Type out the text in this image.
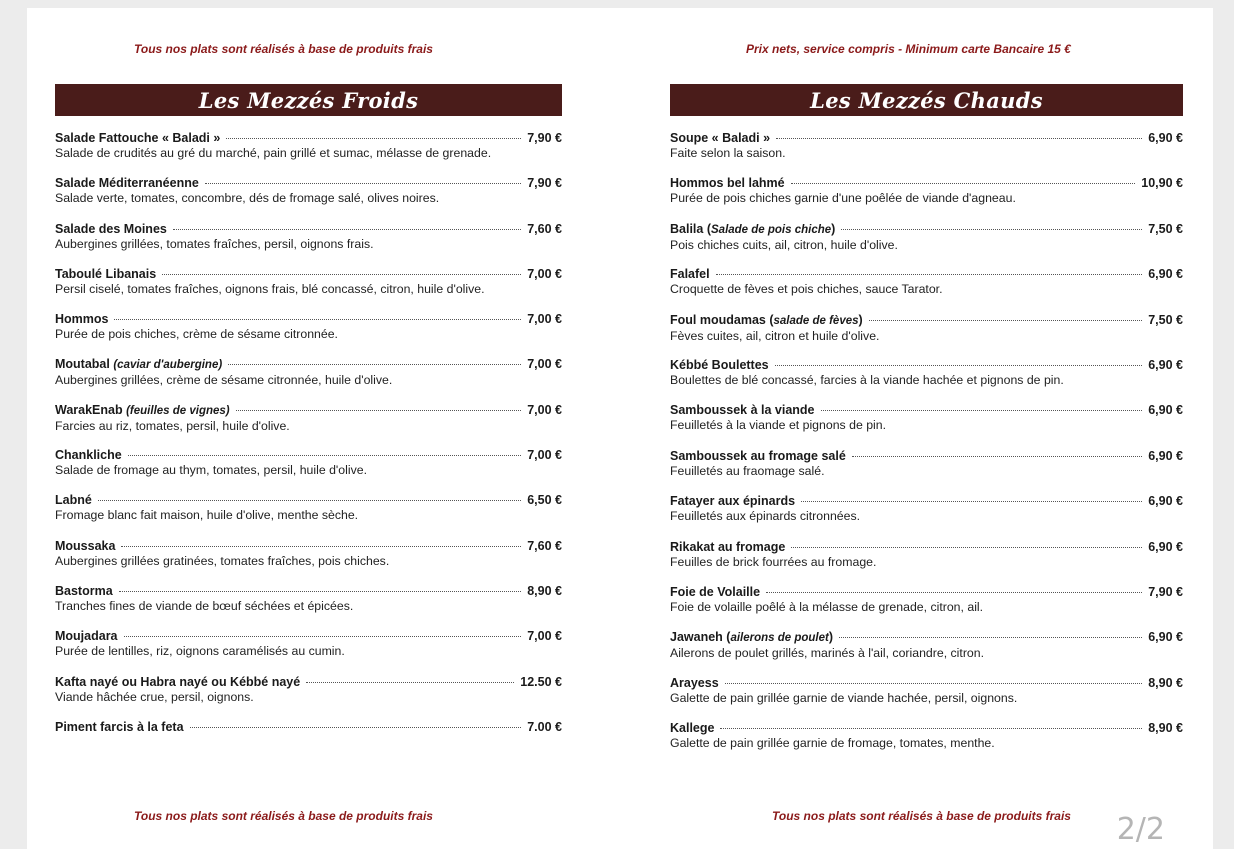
Tous nos plats sont réalisés à base de produits frais	Prix nets, service compris - Minimum carte Bancaire 15 €
Les Mezzés Froids
Salade Fattouche « Baladi »	7,90 €
Salade de crudités au gré du marché, pain grillé et sumac, mélasse de grenade.
Salade Méditerranéenne	7,90 €
Salade verte, tomates, concombre, dés de fromage salé, olives noires.
Salade des Moines	7,60 €
Aubergines grillées, tomates fraîches, persil, oignons frais.
Taboulé Libanais	7,00 €
Persil ciselé, tomates fraîches, oignons frais, blé concassé, citron, huile d'olive.
Hommos	7,00 €
Purée de pois chiches, crème de sésame citronnée.
Moutabal (caviar d'aubergine)	7,00 €
Aubergines grillées, crème de sésame citronnée, huile d'olive.
WarakEnab (feuilles de vignes)	7,00 €
Farcies au riz, tomates, persil, huile d'olive.
Chankliche	7,00 €
Salade de fromage au thym, tomates, persil, huile d'olive.
Labné	6,50 €
Fromage blanc fait maison, huile d'olive, menthe sèche.
Moussaka	7,60 €
Aubergines grillées gratinées, tomates fraîches, pois chiches.
Bastorma	8,90 €
Tranches fines de viande de bœuf séchées et épicées.
Moujadara	7,00 €
Purée de lentilles, riz, oignons caramélisés au cumin.
Kafta nayé ou Habra nayé ou Kébbé nayé	12.50 €
Viande hâchée crue, persil, oignons.
Piment farcis à la feta	7.00 €
Les Mezzés Chauds
Soupe « Baladi »	6,90 €
Faite selon la saison.
Hommos bel lahmé	10,90 €
Purée de pois chiches garnie d'une poêlée de viande d'agneau.
Balila (Salade de pois chiche)	7,50 €
Pois chiches cuits, ail, citron, huile d'olive.
Falafel	6,90 €
Croquette de fèves et pois chiches, sauce Tarator.
Foul moudamas (salade de fèves)	7,50 €
Fèves cuites, ail, citron et huile d'olive.
Kébbé Boulettes	6,90 €
Boulettes de blé concassé, farcies à la viande hachée et pignons de pin.
Samboussek à la viande	6,90 €
Feuilletés à la viande et pignons de pin.
Samboussek au fromage salé	6,90 €
Feuilletés au fraomage salé.
Fatayer aux épinards	6,90 €
Feuilletés aux épinards citronnées.
Rikakat au fromage	6,90 €
Feuilles de brick fourrées au fromage.
Foie de Volaille	7,90 €
Foie de volaille poêlé à la mélasse de grenade, citron, ail.
Jawaneh (ailerons de poulet)	6,90 €
Ailerons de poulet grillés, marinés à l'ail, coriandre, citron.
Arayess	8,90 €
Galette de pain grillée garnie de viande hachée, persil, oignons.
Kallege	8,90 €
Galette de pain grillée garnie de fromage, tomates, menthe.
Tous nos plats sont réalisés à base de produits frais	Tous nos plats sont réalisés à base de produits frais 2/2
